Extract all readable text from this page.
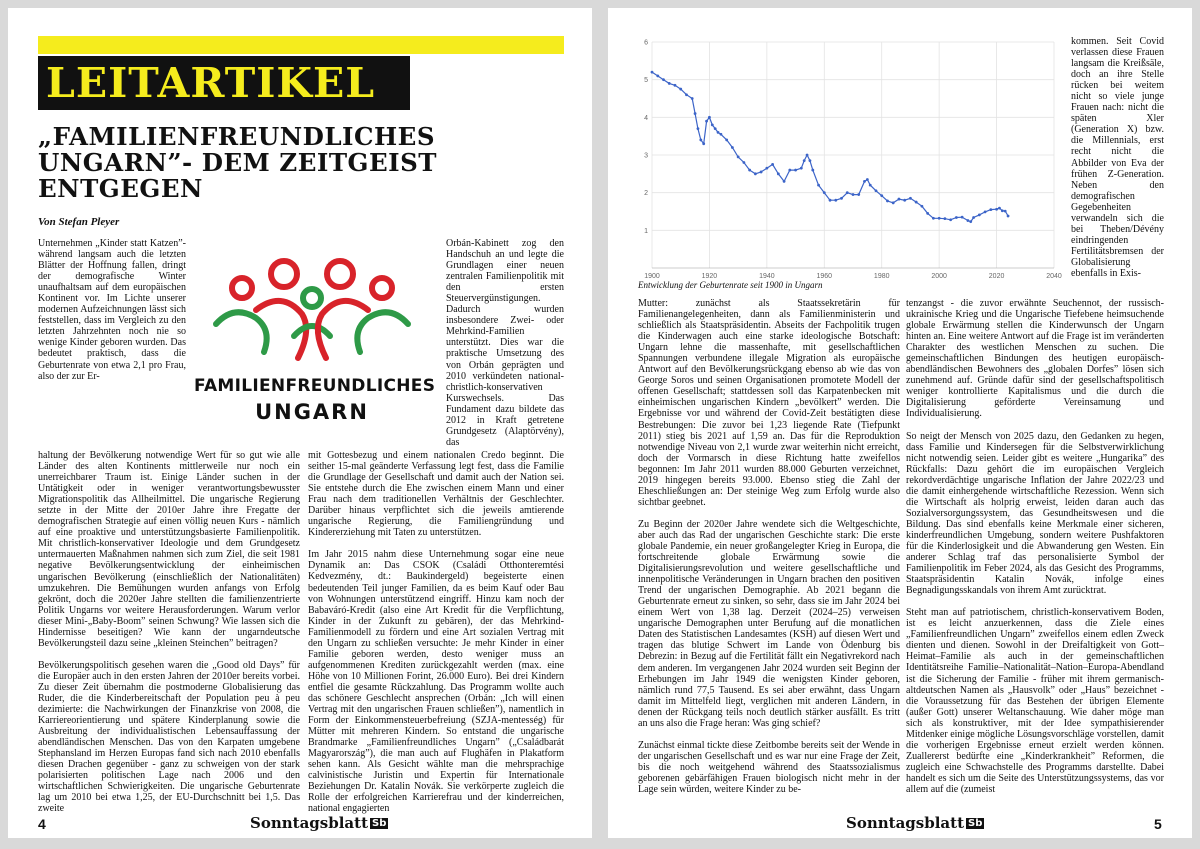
LEITARTIKEL
„FAMILIENFREUNDLICHES
UNGARN”- DEM ZEITGEIST
ENTGEGEN
Von Stefan Pleyer

Unternehmen „Kinder statt Katzen”- während langsam auch die letzten Blätter der Hoffnung fallen, dringt der demografische Winter unaufhaltsam auf dem europäischen Kontinent vor. Im Lichte unserer modernen Aufzeichnungen lässt sich feststellen, dass im Vergleich zu den letzten Jahrzehnten noch nie so wenige Kinder geboren wurden. Das bedeutet praktisch, dass die Geburtenrate von etwa 2,1 pro Frau, also der zur Er-	FAMILIENFREUNDLICHES
UNGARN

Orbán-Kabinett zog den Handschuh an und legte die Grundlagen einer neuen zentralen Familienpolitik mit den ersten Steuervergünstigungen. Dadurch wurden insbesondere Zwei- oder Mehrkind-Familien unterstützt. Dies war die praktische Umsetzung des von Orbán geprägten und 2010 verkündeten national-christlich-konservativen Kurswechsels. Das Fundament dazu bildete das 2012 in Kraft getretene Grundgesetz (Alaptörvény), das

haltung der Bevölkerung notwendige Wert für so gut wie alle Länder des alten Kontinents mittlerweile nur noch ein unerreichbarer Traum ist. Einige Länder suchen in der Untätigkeit oder in weniger verantwortungsbewusster Migrationspolitik das Allheilmittel. Die ungarische Regierung setzte in der Mitte der 2010er Jahre ihre Fregatte der demografischen Strategie auf einen völlig neuen Kurs - nämlich auf eine proaktive und unterstützungsbasierte Familienpolitik. Mit christlich-konservativer Ideologie und dem Grundgesetz untermauerten Maßnahmen nahmen sich zum Ziel, die seit 1981 negative Bevölkerungsentwicklung der einheimischen ungarischen Bevölkerung (einschließlich der Nationalitäten) umzukehren. Die Bemühungen wurden anfangs von Erfolg gekrönt, doch die 2020er Jahre stellten die familienzentrierte Politik Ungarns vor weitere Herausforderungen. Warum verlor dieser Mini-„Baby-Boom” seinen Schwung? Wie lassen sich die Hindernisse beseitigen? Wie kann der ungarndeutsche Bevölkerungsteil dazu seine „kleinen Steinchen” beitragen?

Bevölkerungspolitisch gesehen waren die „Good old Days” für die Europäer auch in den ersten Jahren der 2010er bereits vorbei. Zu dieser Zeit übernahm die postmoderne Globalisierung das Ruder, die die Kinderbereitschaft der Population peu à peu dezimierte: die Nachwirkungen der Finanzkrise von 2008, die Karriereorientierung und spätere Kinderplanung sowie die Ausbreitung der individualistischen Lebensauffassung der abendländischen Menschen. Das von den Karpaten umgebene Stephansland im Herzen Europas fand sich nach 2010 ebenfalls diesen Drachen gegenüber - ganz zu schweigen von der stark polarisierten politischen Lage nach 2006 und den wirtschaftlichen Schwierigkeiten. Die ungarische Geburtenrate lag um 2010 bei etwa 1,25, der EU-Durchschnitt bei 1,5. Das zweite

mit Gottesbezug und einem nationalen Credo beginnt. Die seither 15-mal geänderte Verfassung legt fest, dass die Familie die Grundlage der Gesellschaft und damit auch der Nation sei. Sie entstehe durch die Ehe zwischen einem Mann und einer Frau nach dem traditionellen Verhältnis der Geschlechter. Darüber hinaus verpflichtet sich die jeweils amtierende ungarische Regierung, die Familiengründung und Kindererziehung mit Taten zu unterstützen.

Im Jahr 2015 nahm diese Unternehmung sogar eine neue Dynamik an: Das CSOK (Családi Otthonteremtési Kedvezmény, dt.: Baukindergeld) begeisterte einen bedeutenden Teil junger Familien, da es beim Kauf oder Bau von Wohnungen unterstützend eingriff. Hinzu kam noch der Babaváró-Kredit (also eine Art Kredit für die Verpflichtung, Kinder in der Zukunft zu gebären), der das Mehrkind-Familienmodell zu fördern und eine Art sozialen Vertrag mit den Ungarn zu schließen versuchte: Je mehr Kinder in einer Familie geboren werden, desto weniger muss an aufgenommenen Krediten zurückgezahlt werden (max. eine Höhe von 10 Millionen Forint, 26.000 Euro). Bei drei Kindern entfiel die gesamte Rückzahlung. Das Programm wollte auch das schönere Geschlecht ansprechen (Orbán: „Ich will einen Vertrag mit den ungarischen Frauen schließen”), namentlich in Form der Einkommensteuerbefreiung (SZJA-mentesség) für Mütter mit mehreren Kindern. So entstand die ungarische Brandmarke „Familienfreundliches Ungarn” („Családbarát Magyarország”), die man auch auf Flughäfen in Plakatform sehen kann. Als Gesicht wählte man die mehrsprachige calvinistische Juristin und Expertin für Internationale Beziehungen Dr. Katalin Novák. Sie verkörperte zugleich die Rolle der erfolgreichen Karrierefrau und der kinderreichen, national engagierten

4	Sonntagsblatt Sb
1900	1920	1940	1960	1980	2000	2020	2040
1
2
3
4
5
6
Entwicklung der Geburtenrate seit 1900 in Ungarn

kommen. Seit Covid verlassen diese Frauen langsam die Kreißsäle, doch an ihre Stelle rücken bei weitem nicht so viele junge Frauen nach: nicht die späten Xler (Generation X) bzw. die Millennials, erst recht nicht die Abbilder von Eva der frühen Z-Generation. Neben den demografischen Gegebenheiten verwandeln sich die bei Theben/Dévény eindringenden Fertilitätsbremsen der Globalisierung ebenfalls in Exis-

Mutter: zunächst als Staatssekretärin für Familienangelegenheiten, dann als Familienministerin und schließlich als Staatspräsidentin. Abseits der Fachpolitik trugen die Kinderwagen auch eine starke ideologische Botschaft: Ungarn lehne die massenhafte, mit gesellschaftlichen Spannungen verbundene illegale Migration als europäische Antwort auf den Bevölkerungsrückgang ebenso ab wie das von George Soros und seinen Organisationen promotete Modell der offenen Gesellschaft; stattdessen soll das Karpatenbecken mit einheimischen ungarischen Kindern „bevölkert” werden. Die Ergebnisse vor und während der Covid-Zeit bestätigten diese Bestrebungen: Die zuvor bei 1,23 liegende Rate (Tiefpunkt 2011) stieg bis 2021 auf 1,59 an. Das für die Reproduktion notwendige Niveau von 2,1 wurde zwar weiterhin nicht erreicht, doch der Vormarsch in diese Richtung hatte zweifellos begonnen: Im Jahr 2011 wurden 88.000 Geburten verzeichnet, 2019 hingegen bereits 93.000. Ebenso stieg die Zahl der Eheschließungen an: Der steinige Weg zum Erfolg wurde also sichtbar geebnet.

Zu Beginn der 2020er Jahre wendete sich die Weltgeschichte, aber auch das Rad der ungarischen Geschichte stark: Die erste globale Pandemie, ein neuer großangelegter Krieg in Europa, die fortschreitende globale Erwärmung sowie die Digitalisierungsrevolution und weitere gesellschaftliche und innenpolitische Veränderungen in Ungarn brachen den positiven Trend der ungarischen Demographie. Ab 2021 begann die Geburtenrate erneut zu sinken, so sehr, dass sie im Jahr 2024 bei einem Wert von 1,38 lag. Derzeit (2024–25) verweisen ungarische Demographen unter Berufung auf die monatlichen Daten des Statistischen Landesamtes (KSH) auf diesen Wert und tragen das blutige Schwert im Lande von Ödenburg bis Debrezin: in Bezug auf die Fertilität fällt ein Negativrekord nach dem anderen. Im vergangenen Jahr 2024 wurden seit Beginn der Erhebungen im Jahr 1949 die wenigsten Kinder geboren, nämlich rund 77,5 Tausend. Es sei aber erwähnt, dass Ungarn damit im Mittelfeld liegt, verglichen mit anderen Ländern, in denen der Rückgang teils noch deutlich stärker ausfällt. Es tritt an uns also die Frage heran: Was ging schief?

Zunächst einmal tickte diese Zeitbombe bereits seit der Wende in der ungarischen Gesellschaft und es war nur eine Frage der Zeit, bis die noch weitgehend während des Staatssozialismus geborenen gebärfähigen Frauen biologisch nicht mehr in der Lage sein würden, weitere Kinder zu be-

tenzangst - die zuvor erwähnte Seuchennot, der russisch-ukrainische Krieg und die Ungarische Tiefebene heimsuchende globale Erwärmung stellen die Kinderwunsch der Ungarn hinten an. Eine weitere Antwort auf die Frage ist im veränderten Charakter des westlichen Menschen zu suchen. Die gemeinschaftlichen Bindungen des heutigen europäisch-abendländischen Bewohners des „globalen Dorfes” lösen sich zunehmend auf. Gründe dafür sind der gesellschaftspolitisch weniger kontrollierte Kapitalismus und die durch die Digitalisierung geförderte Vereinsamung und Individualisierung.

So neigt der Mensch von 2025 dazu, den Gedanken zu hegen, dass Familie und Kindersegen für die Selbstverwirklichung nicht notwendig seien. Leider gibt es weitere „Hungarika” des Rückfalls: Dazu gehört die im europäischen Vergleich rekordverdächtige ungarische Inflation der Jahre 2022/23 und die damit einhergehende wirtschaftliche Rezession. Wenn sich die Wirtschaft als holprig erweist, leiden daran auch das Sozialversorgungssystem, das Gesundheitswesen und die Bildung. Das sind ebenfalls keine Merkmale einer sicheren, kinderfreundlichen Umgebung, sondern weitere Pushfaktoren für die Kinderlosigkeit und die Abwanderung gen Westen. Ein anderer Schlag traf das personalisierte Symbol der Familienpolitik im Feber 2024, als das Gesicht des Programms, Staatspräsidentin Katalin Novák, infolge eines Begnadigungsskandals von ihrem Amt zurücktrat.

Steht man auf patriotischem, christlich-konservativem Boden, ist es leicht anzuerkennen, dass die Ziele eines „Familienfreundlichen Ungarn” zweifellos einem edlen Zweck dienten und dienen. Sowohl in der Dreifaltigkeit von Gott–Heimat–Familie als auch in der gemeinschaftlichen Identitätsreihe Familie–Nationalität–Nation–Europa-Abendland ist die Sicherung der Familie - früher mit ihrem germanisch-altdeutschen Namen als „Hausvolk” oder „Haus” bezeichnet - die Voraussetzung für das Bestehen der übrigen Elemente (außer Gott) unserer Weltanschauung. Wie daher möge man sich als konstruktiver, mit der Idee sympathisierender Mitdenker einige mögliche Lösungsvorschläge vorstellen, damit die vorherigen Ergebnisse erneut erzielt werden können. Zuallererst bedürfte eine „Kinderkrankheit” Reformen, die zugleich eine Schwachstelle des Programms darstellte. Dabei handelt es sich um die Seite des Unterstützungssystems, das vor allem auf die (zumeist

Sonntagsblatt Sb	5
